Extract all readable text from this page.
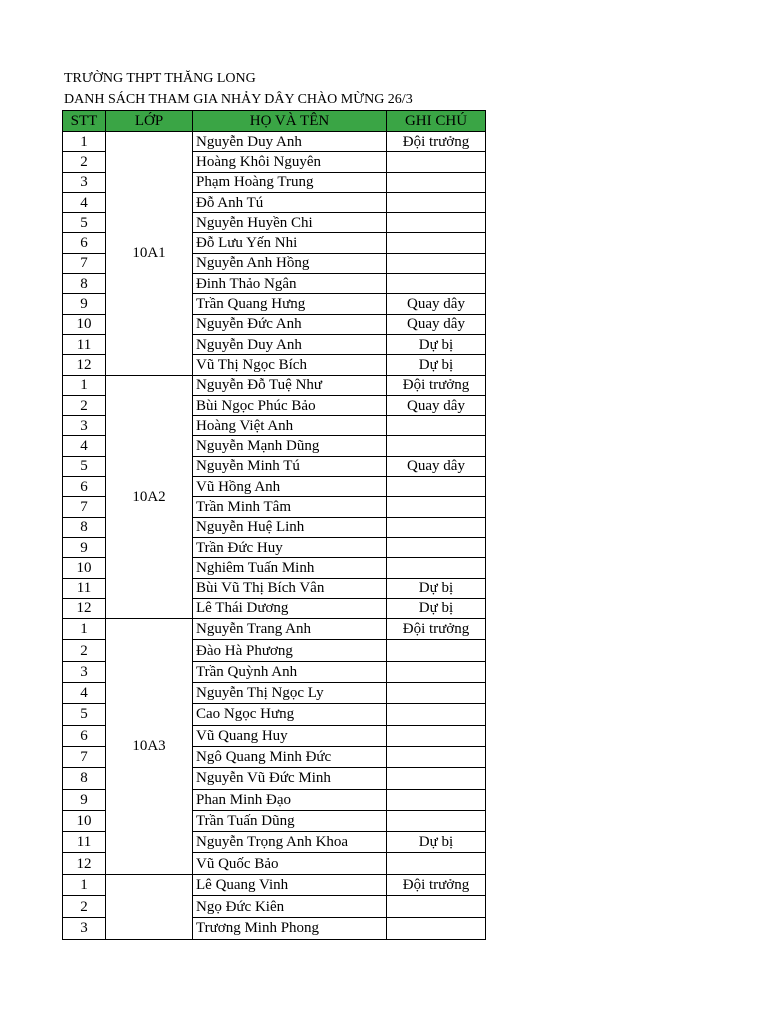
TRƯỜNG THPT THĂNG LONG
DANH SÁCH THAM GIA NHẢY DÂY CHÀO MỪNG 26/3
STT	LỚP	HỌ VÀ TÊN	GHI CHÚ
1	10A1	Nguyễn Duy Anh	Đội trưởng
2		Hoàng Khôi Nguyên	
3		Phạm Hoàng Trung	
4		Đỗ Anh Tú	
5		Nguyễn Huyền Chi	
6		Đỗ Lưu Yến Nhi	
7		Nguyễn Anh Hồng	
8		Đinh Thảo Ngân	
9		Trần Quang Hưng	Quay dây
10		Nguyễn Đức Anh	Quay dây
11		Nguyễn Duy Anh	Dự bị
12		Vũ Thị Ngọc Bích	Dự bị
1	10A2	Nguyễn Đỗ Tuệ Như	Đội trưởng
2		Bùi Ngọc Phúc Bảo	Quay dây
3		Hoàng Việt Anh	
4		Nguyễn Mạnh Dũng	
5		Nguyễn Minh Tú	Quay dây
6		Vũ Hồng Anh	
7		Trần Minh Tâm	
8		Nguyễn Huệ Linh	
9		Trần Đức Huy	
10		Nghiêm Tuấn Minh	
11		Bùi Vũ Thị Bích Vân	Dự bị
12		Lê Thái Dương	Dự bị
1	10A3	Nguyễn Trang Anh	Đội trưởng
2		Đào Hà Phương	
3		Trần Quỳnh Anh	
4		Nguyễn Thị Ngọc Ly	
5		Cao Ngọc Hưng	
6		Vũ Quang Huy	
7		Ngô Quang Minh Đức	
8		Nguyễn Vũ Đức Minh	
9		Phan Minh Đạo	
10		Trần Tuấn Dũng	
11		Nguyễn Trọng Anh Khoa	Dự bị
12		Vũ Quốc Bảo	
1		Lê Quang Vinh	Đội trưởng
2		Ngọ Đức Kiên	
3		Trương Minh Phong	
